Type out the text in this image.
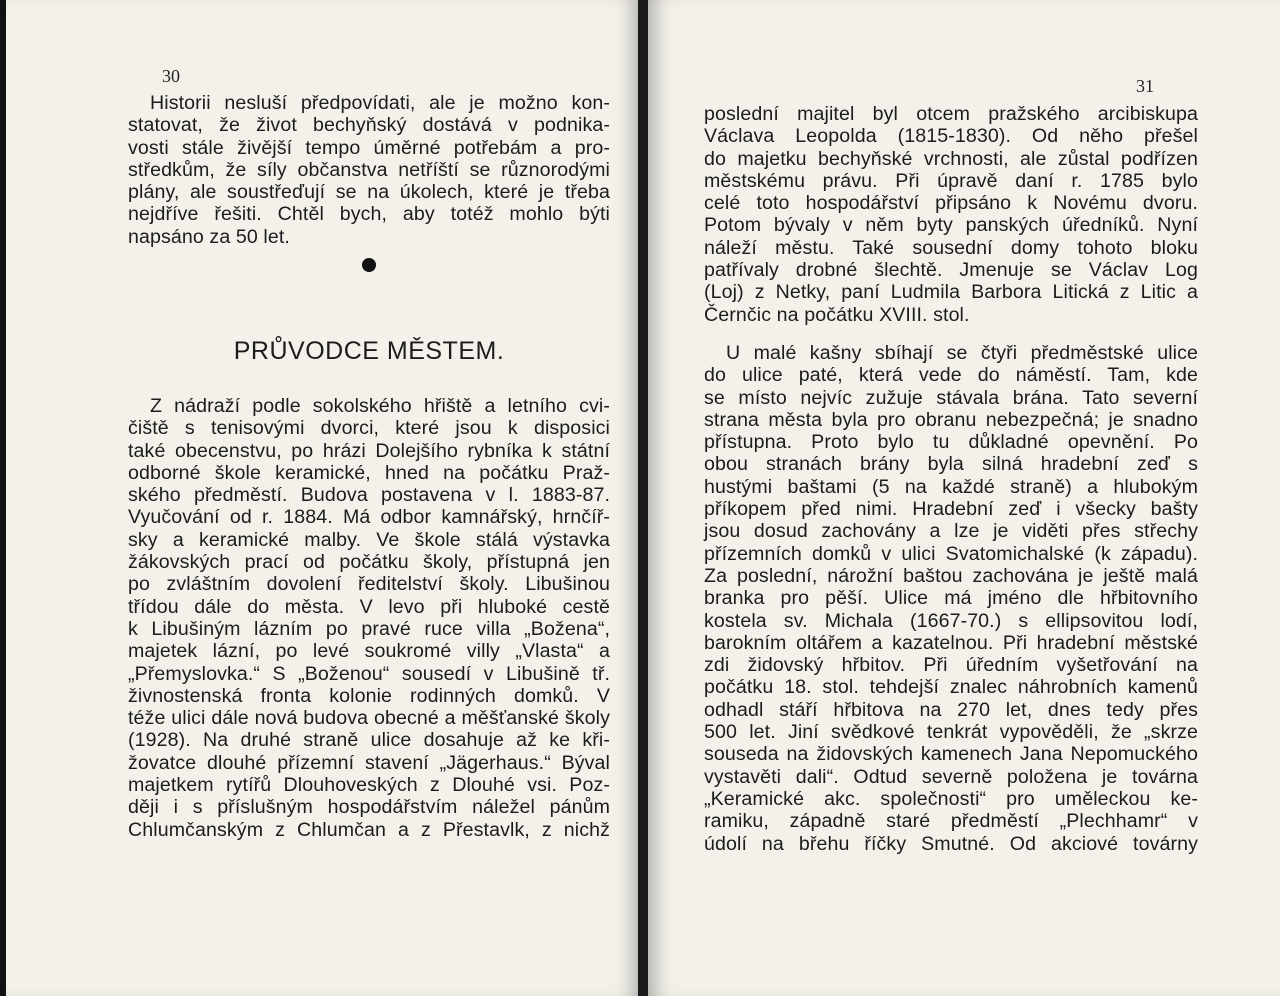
30

Historii nesluší předpovídati, ale je možno kon-

statovat, že život bechyňský dostává v podnika-

vosti stále živější tempo úměrné potřebám a pro-

středkům, že síly občanstva netříští se různorodými

plány, ale soustřeďují se na úkolech, které je třeba

nejdříve řešiti. Chtěl bych, aby totéž mohlo býti

napsáno za 50 let.

PRŮVODCE MĚSTEM.

Z nádraží podle sokolského hřiště a letního cvi-

čiště s tenisovými dvorci, které jsou k disposici

také obecenstvu, po hrázi Dolejšího rybníka k státní

odborné škole keramické, hned na počátku Praž-

ského předměstí. Budova postavena v l. 1883-87.

Vyučování od r. 1884. Má odbor kamnářský, hrnčíř-

sky a keramické malby. Ve škole stálá výstavka

žákovských prací od počátku školy, přístupná jen

po zvláštním dovolení ředitelství školy. Libušinou

třídou dále do města. V levo při hluboké cestě

k Libušiným lázním po pravé ruce villa „Božena“,

majetek lázní, po levé soukromé villy „Vlasta“ a

„Přemyslovka.“ S „Boženou“ sousedí v Libušině tř.

živnostenská fronta kolonie rodinných domků. V

téže ulici dále nová budova obecné a měšťanské školy

(1928). Na druhé straně ulice dosahuje až ke kři-

žovatce dlouhé přízemní stavení „Jägerhaus.“ Býval

majetkem rytířů Dlouhoveských z Dlouhé vsi. Poz-

ději i s příslušným hospodářstvím náležel pánům

Chlumčanským z Chlumčan a z Přestavlk, z nichž

31

poslední majitel byl otcem pražského arcibiskupa

Václava Leopolda (1815-1830). Od něho přešel

do majetku bechyňské vrchnosti, ale zůstal podřízen

městskému právu. Při úpravě daní r. 1785 bylo

celé toto hospodářství připsáno k Novému dvoru.

Potom bývaly v něm byty panských úředníků. Nyní

náleží městu. Také sousední domy tohoto bloku

patřívaly drobné šlechtě. Jmenuje se Václav Log

(Loj) z Netky, paní Ludmila Barbora Litická z Litic a

Černčic na počátku XVIII. stol.

U malé kašny sbíhají se čtyři předměstské ulice

do ulice paté, která vede do náměstí. Tam, kde

se místo nejvíc zužuje stávala brána. Tato severní

strana města byla pro obranu nebezpečná; je snadno

přístupna. Proto bylo tu důkladné opevnění. Po

obou stranách brány byla silná hradební zeď s

hustými baštami (5 na každé straně) a hlubokým

příkopem před nimi. Hradební zeď i všecky bašty

jsou dosud zachovány a lze je viděti přes střechy

přízemních domků v ulici Svatomichalské (k západu).

Za poslední, nárožní baštou zachována je ještě malá

branka pro pěší. Ulice má jméno dle hřbitovního

kostela sv. Michala (1667-70.) s ellipsovitou lodí,

barokním oltářem a kazatelnou. Při hradební městské

zdi židovský hřbitov. Při úředním vyšetřování na

počátku 18. stol. tehdejší znalec náhrobních kamenů

odhadl stáří hřbitova na 270 let, dnes tedy přes

500 let. Jiní svědkové tenkrát vypověděli, že „skrze

souseda na židovských kamenech Jana Nepomuckého

vystavěti dali“. Odtud severně položena je továrna

„Keramické akc. společnosti“ pro uměleckou ke-

ramiku, západně staré předměstí „Plechhamr“ v

údolí na břehu říčky Smutné. Od akciové továrny
